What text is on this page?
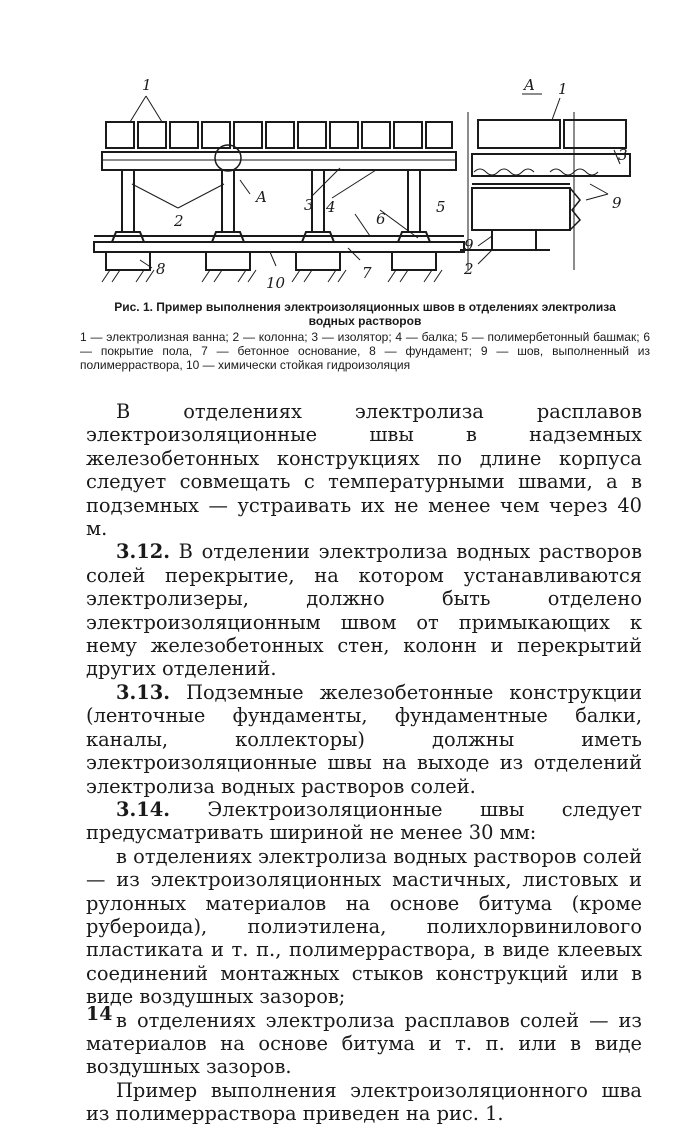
1
A
2
3 4	5
6
7
8
10
A 1
3
9
9
2
Рис. 1. Пример выполнения электроизоляционных швов в отделениях электролиза водных растворов
1 — электролизная ванна; 2 — колонна; 3 — изолятор; 4 — балка; 5 — полимербетонный башмак; 6 — покрытие пола, 7 — бетонное основание, 8 — фундамент; 9 — шов, выполненный из полимерраствора, 10 — химически стойкая гидроизоляция

В отделениях электролиза расплавов электроизоляционные швы в надземных железобетонных конструкциях по длине корпуса следует совмещать с температурными швами, а в подземных — устраивать их не менее чем через 40 м.

3.12. В отделении электролиза водных растворов солей перекрытие, на котором устанавливаются электролизеры, должно быть отделено электроизоляционным швом от примыкающих к нему железобетонных стен, колонн и перекрытий других отделений.

3.13. Подземные железобетонные конструкции (ленточные фундаменты, фундаментные балки, каналы, коллекторы) должны иметь электроизоляционные швы на выходе из отделений электролиза водных растворов солей.

3.14. Электроизоляционные швы следует предусматривать шириной не менее 30 мм:

в отделениях электролиза водных растворов солей — из электроизоляционных мастичных, листовых и рулонных материалов на основе битума (кроме рубероида), полиэтилена, полихлорвинилового пластиката и т. п., полимерраствора, в виде клеевых соединений монтажных стыков конструкций или в виде воздушных зазоров;

в отделениях электролиза расплавов солей — из материалов на основе битума и т. п. или в виде воздушных зазоров.

Пример выполнения электроизоляционного шва из полимерраствора приведен на рис. 1.

14
